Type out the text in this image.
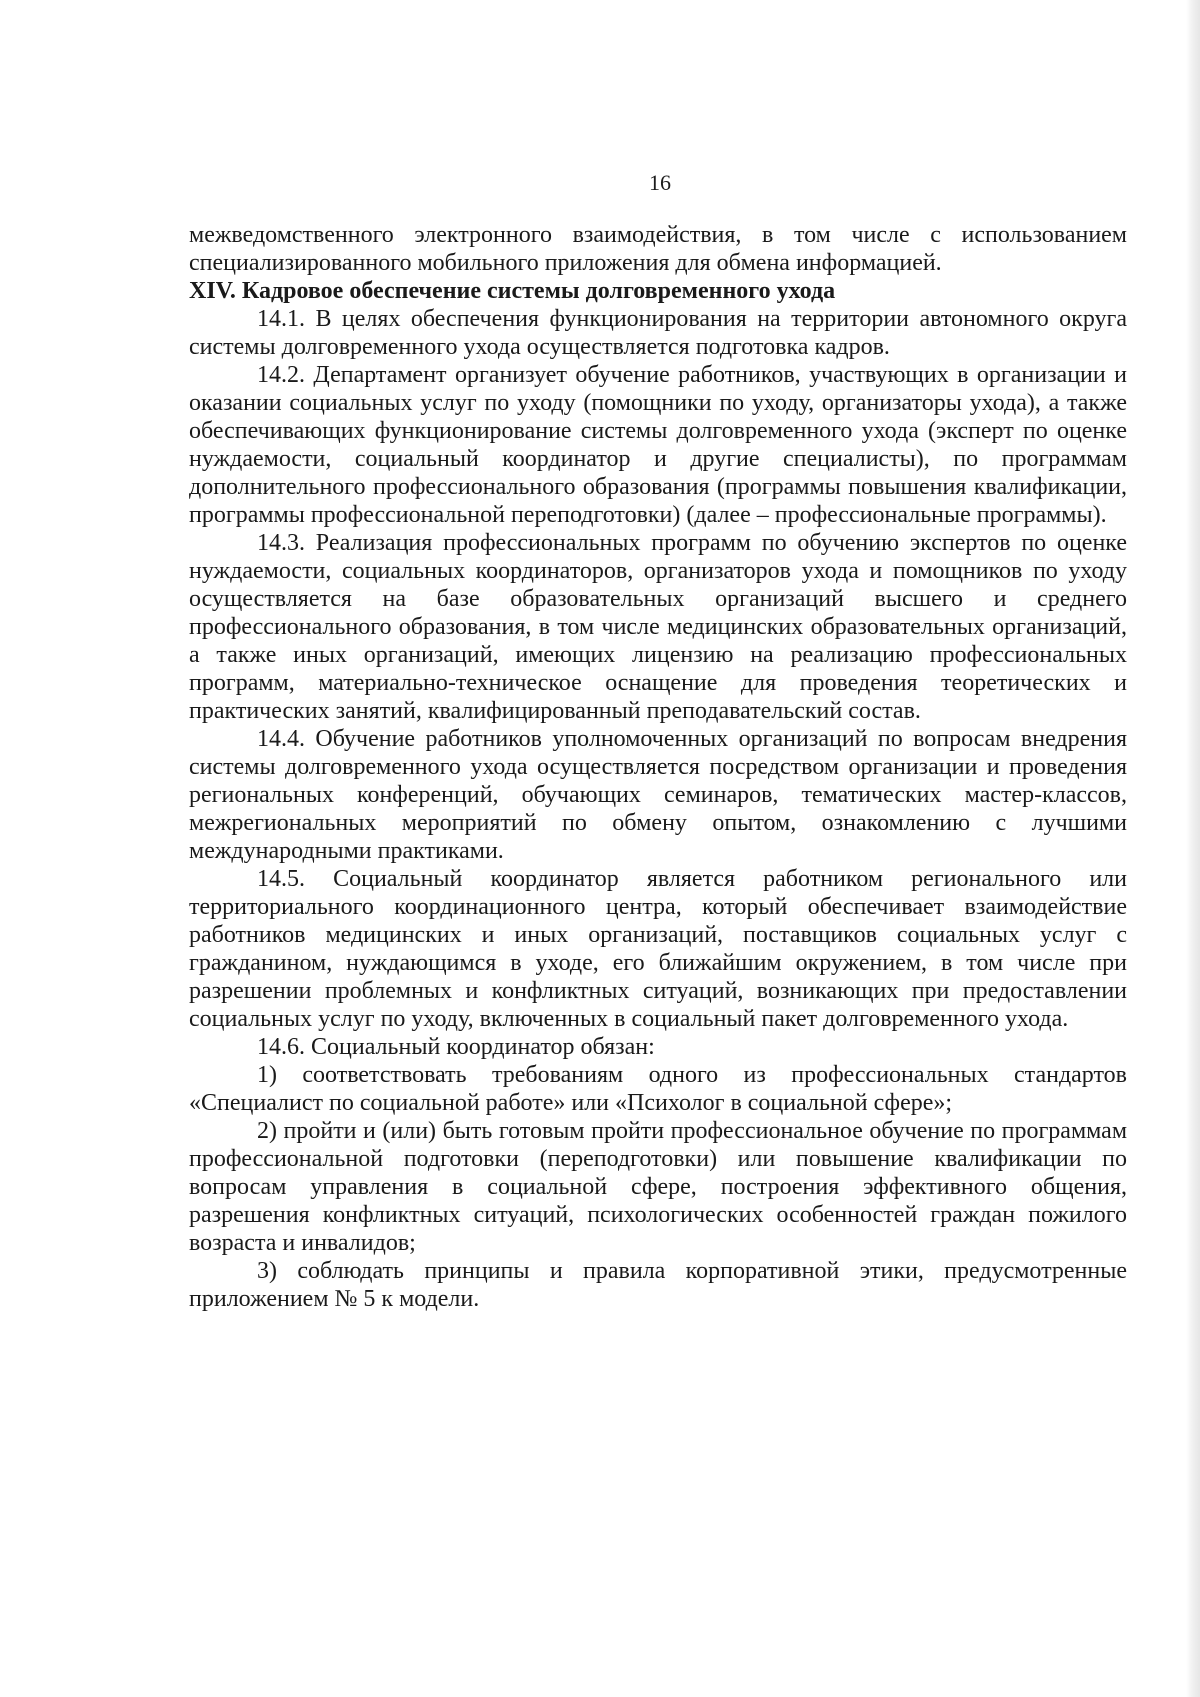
16

межведомственного электронного взаимодействия, в том числе с использованием специализированного мобильного приложения для обмена информацией.

XIV. Кадровое обеспечение системы долговременного ухода

14.1. В целях обеспечения функционирования на территории автономного округа системы долговременного ухода осуществляется подготовка кадров.

14.2. Департамент организует обучение работников, участвующих в организации и оказании социальных услуг по уходу (помощники по уходу, организаторы ухода), а также обеспечивающих функционирование системы долговременного ухода (эксперт по оценке нуждаемости, социальный координатор и другие специалисты), по программам дополнительного профессионального образования (программы повышения квалификации, программы профессиональной переподготовки) (далее – профессиональные программы).

14.3. Реализация профессиональных программ по обучению экспертов по оценке нуждаемости, социальных координаторов, организаторов ухода и помощников по уходу осуществляется на базе образовательных организаций высшего и среднего профессионального образования, в том числе медицинских образовательных организаций, а также иных организаций, имеющих лицензию на реализацию профессиональных программ, материально-техническое оснащение для проведения теоретических и практических занятий, квалифицированный преподавательский состав.

14.4. Обучение работников уполномоченных организаций по вопросам внедрения системы долговременного ухода осуществляется посредством организации и проведения региональных конференций, обучающих семинаров, тематических мастер-классов, межрегиональных мероприятий по обмену опытом, ознакомлению с лучшими международными практиками.

14.5. Социальный координатор является работником регионального или территориального координационного центра, который обеспечивает взаимодействие работников медицинских и иных организаций, поставщиков социальных услуг с гражданином, нуждающимся в уходе, его ближайшим окружением, в том числе при разрешении проблемных и конфликтных ситуаций, возникающих при предоставлении социальных услуг по уходу, включенных в социальный пакет долговременного ухода.

14.6. Социальный координатор обязан:

1) соответствовать требованиям одного из профессиональных стандартов «Специалист по социальной работе» или «Психолог в социальной сфере»;

2) пройти и (или) быть готовым пройти профессиональное обучение по программам профессиональной подготовки (переподготовки) или повышение квалификации по вопросам управления в социальной сфере, построения эффективного общения, разрешения конфликтных ситуаций, психологических особенностей граждан пожилого возраста и инвалидов;

3) соблюдать принципы и правила корпоративной этики, предусмотренные приложением № 5 к модели.
